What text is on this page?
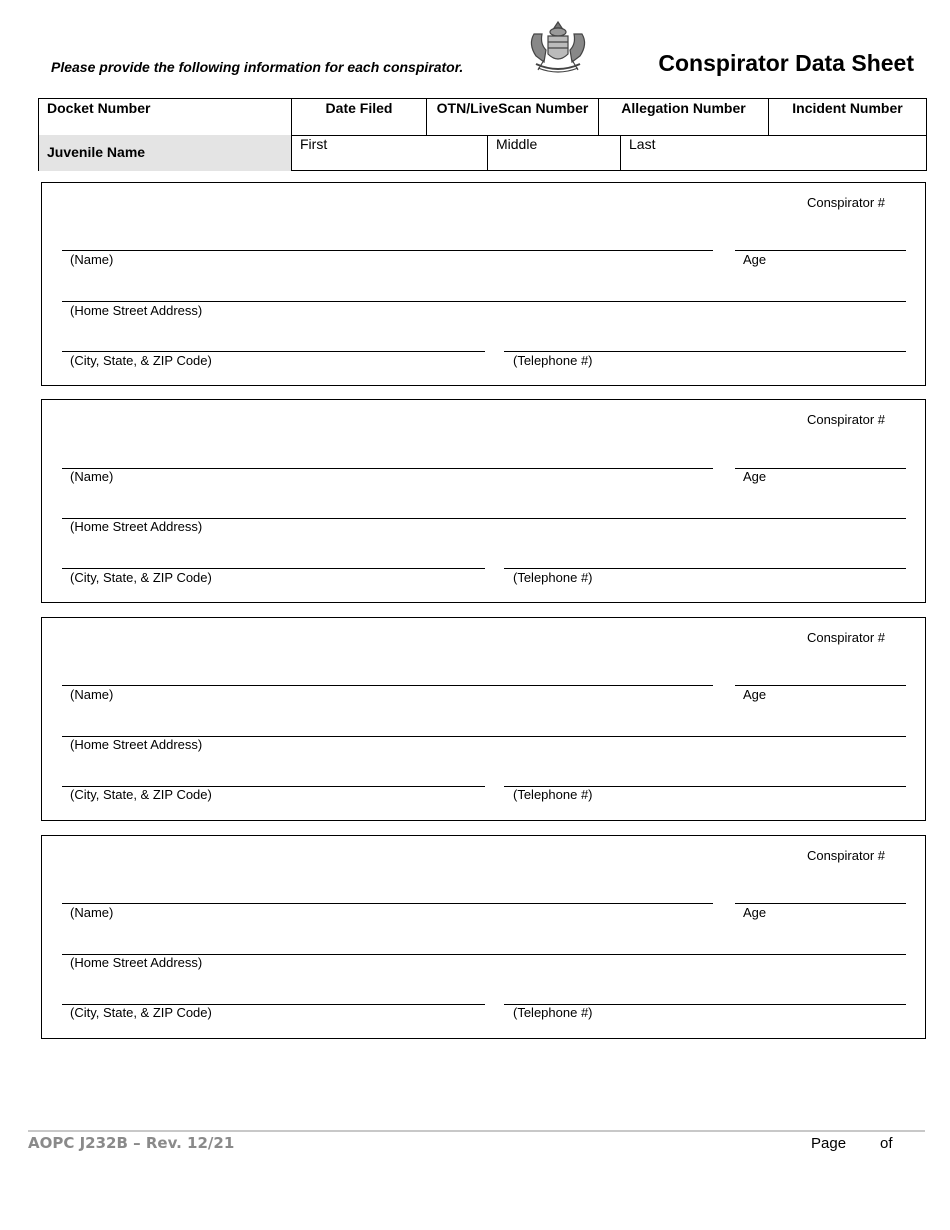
Please provide the following information for each conspirator.	Conspirator Data Sheet
Docket Number	Date Filed	OTN/LiveScan Number	Allegation Number	Incident Number
Juvenile Name	First	Middle	Last
Conspirator #
(Name)	Age
(Home Street Address)
(City, State, & ZIP Code)	(Telephone #)
Conspirator #
(Name)	Age
(Home Street Address)
(City, State, & ZIP Code)	(Telephone #)
Conspirator #
(Name)	Age
(Home Street Address)
(City, State, & ZIP Code)	(Telephone #)
Conspirator #
(Name)	Age
(Home Street Address)
(City, State, & ZIP Code)	(Telephone #)
AOPC J232B – Rev. 12/21	Page of
